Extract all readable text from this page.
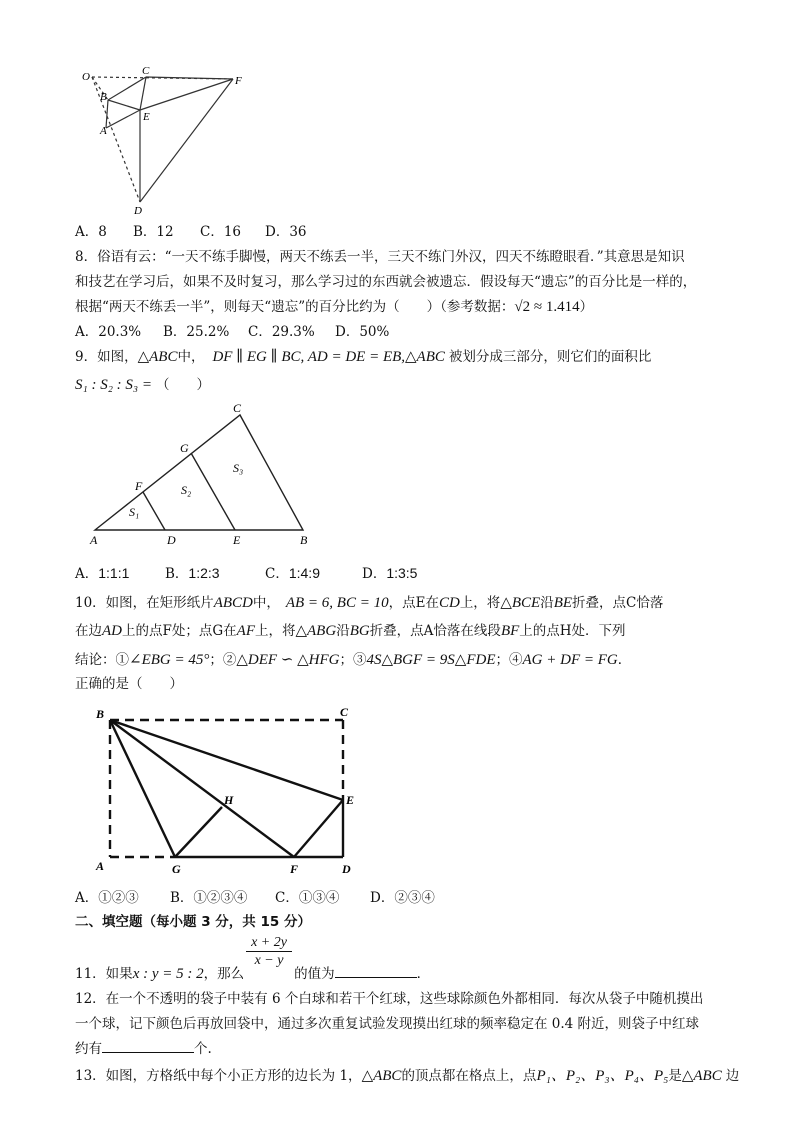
O	C
F
B
E
A
D
A．8 B．12 C．16 D．36
8．俗语有云：“一天不练手脚慢，两天不练丢一半，三天不练门外汉，四天不练瞪眼看．”其意思是知识
和技艺在学习后，如果不及时复习，那么学习过的东西就会被遗忘．假设每天“遗忘”的百分比是一样的，
根据“两天不练丢一半”，则每天“遗忘”的百分比约为（　　）（参考数据：√2 ≈ 1.414）
A．20.3% B．25.2% C．29.3% D．50%
9．如图，△ABC中， DF ∥ EG ∥ BC, AD = DE = EB,△ABC 被划分成三部分，则它们的面积比
S₁ : S₂ : S₃ = （　　）
C
G
S₃
F	S₂
S₁
A	D	E	B
A．1:1:1	B．1:2:3	C．1:4:9	D．1:3:5
10．如图，在矩形纸片ABCD中， AB = 6, BC = 10，点E在CD上，将△BCE沿BE折叠，点C恰落
在边AD上的点F处；点G在AF上，将△ABG沿BG折叠，点A恰落在线段BF上的点H处．下列
结论：①∠EBG = 45°；②△DEF ∽ △HFG；③4S△BGF = 9S△FDE；④AG + DF = FG．
正确的是（　　）
B	C
H	E
A	G	F	D
A．①②③ B．①②③④ C．①③④ D．②③④
二、填空题（每小题 3 分，共 15 分）
x + 2y
x − y
11．如果x : y = 5 : 2，那么	的值为	．
12．在一个不透明的袋子中装有 6 个白球和若干个红球，这些球除颜色外都相同．每次从袋子中随机摸出
一个球，记下颜色后再放回袋中，通过多次重复试验发现摸出红球的频率稳定在 0.4 附近，则袋子中红球
约有	个.
13．如图，方格纸中每个小正方形的边长为 1，△ABC的顶点都在格点上，点P₁、P₂、P₃、P₄、P₅是△ABC 边
